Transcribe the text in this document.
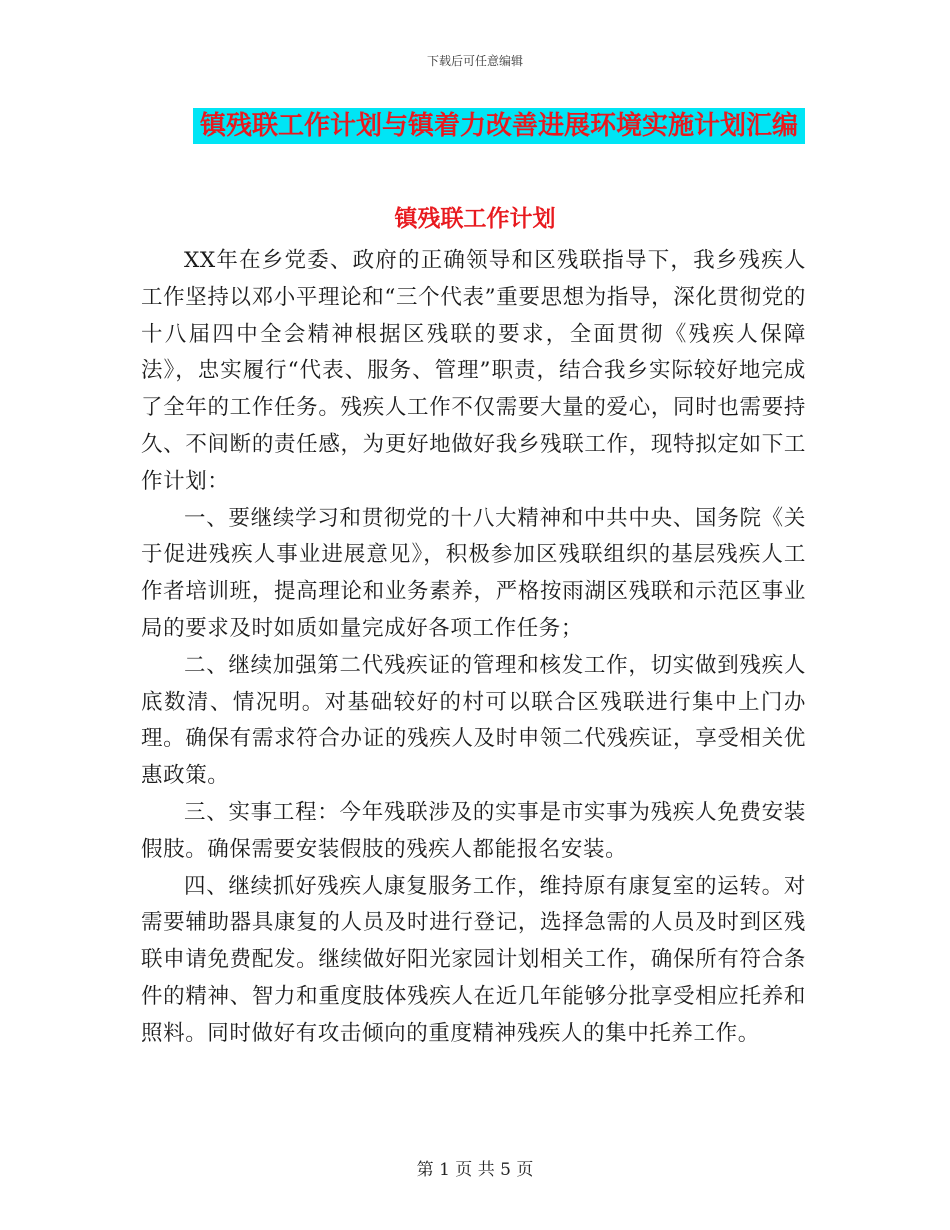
下载后可任意编辑
镇残联工作计划与镇着力改善进展环境实施计划汇编
镇残联工作计划

XX年在乡党委、政府的正确领导和区残联指导下，我乡残疾人工作坚持以邓小平理论和“三个代表”重要思想为指导，深化贯彻党的十八届四中全会精神根据区残联的要求，全面贯彻《残疾人保障法》，忠实履行“代表、服务、管理”职责，结合我乡实际较好地完成了全年的工作任务。残疾人工作不仅需要大量的爱心，同时也需要持久、不间断的责任感，为更好地做好我乡残联工作，现特拟定如下工作计划：

一、要继续学习和贯彻党的十八大精神和中共中央、国务院《关于促进残疾人事业进展意见》，积极参加区残联组织的基层残疾人工作者培训班，提高理论和业务素养，严格按雨湖区残联和示范区事业局的要求及时如质如量完成好各项工作任务；

二、继续加强第二代残疾证的管理和核发工作，切实做到残疾人底数清、情况明。对基础较好的村可以联合区残联进行集中上门办理。确保有需求符合办证的残疾人及时申领二代残疾证，享受相关优惠政策。

三、实事工程：今年残联涉及的实事是市实事为残疾人免费安装假肢。确保需要安装假肢的残疾人都能报名安装。

四、继续抓好残疾人康复服务工作，维持原有康复室的运转。对需要辅助器具康复的人员及时进行登记，选择急需的人员及时到区残联申请免费配发。继续做好阳光家园计划相关工作，确保所有符合条件的精神、智力和重度肢体残疾人在近几年能够分批享受相应托养和照料。同时做好有攻击倾向的重度精神残疾人的集中托养工作。

第 1 页 共 5 页
